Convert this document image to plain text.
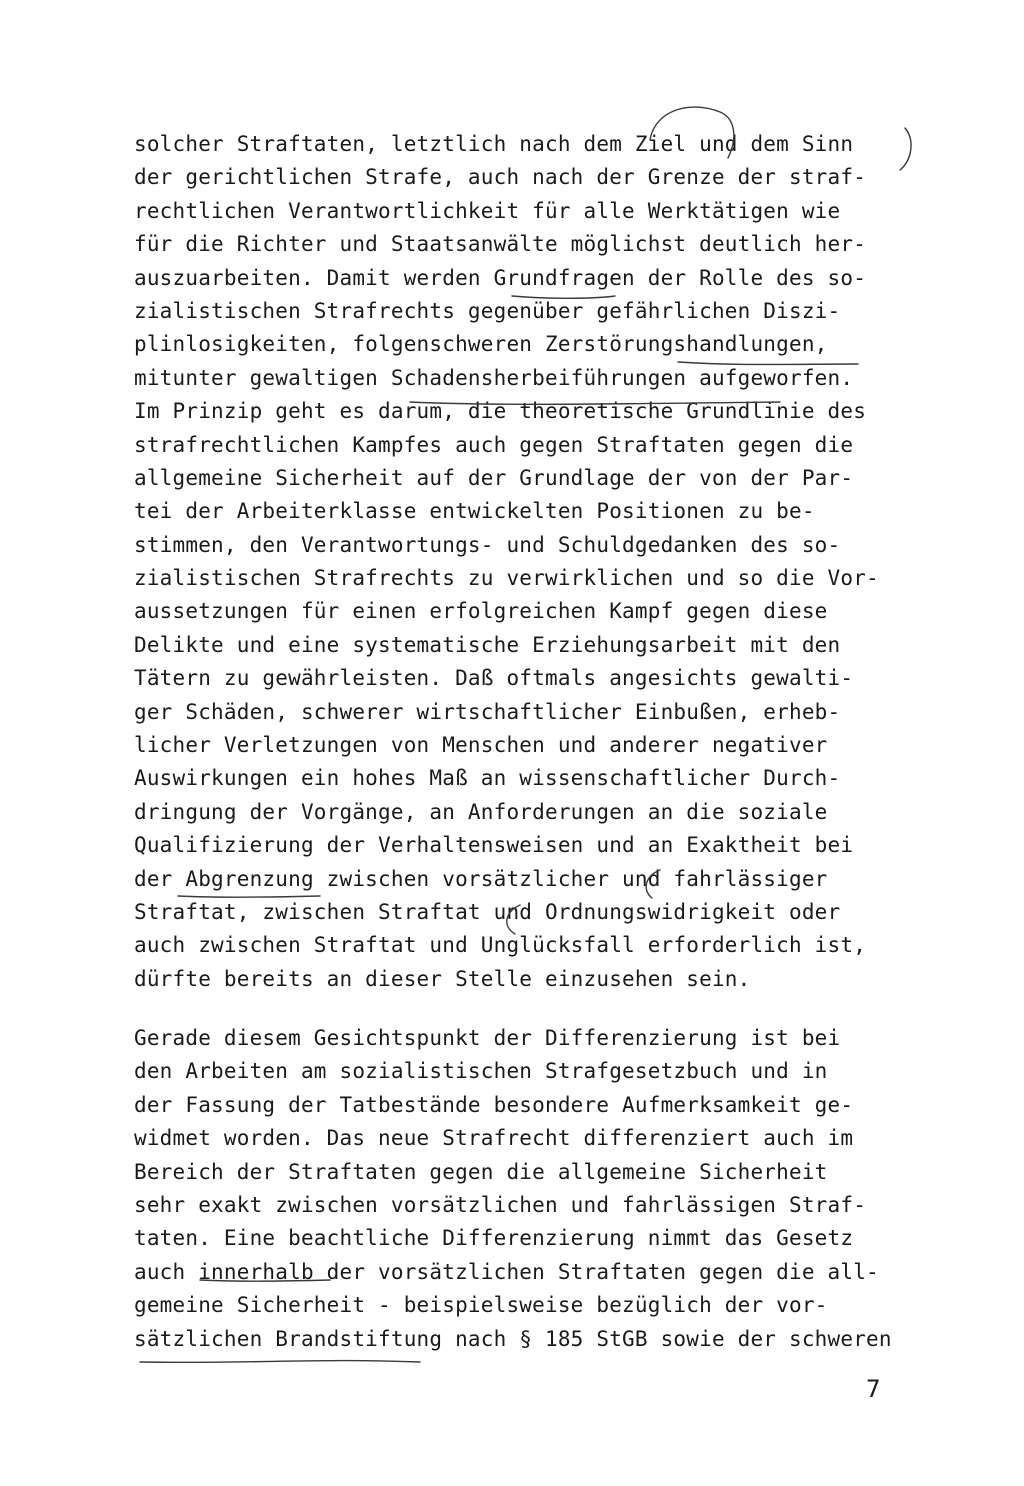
solcher Straftaten, letztlich nach dem Ziel und dem Sinn
der gerichtlichen Strafe, auch nach der Grenze der straf-
rechtlichen Verantwortlichkeit für alle Werktätigen wie
für die Richter und Staatsanwälte möglichst deutlich her-
auszuarbeiten. Damit werden Grundfragen der Rolle des so-
zialistischen Strafrechts gegenüber gefährlichen Diszi-
plinlosigkeiten, folgenschweren Zerstörungshandlungen,
mitunter gewaltigen Schadensherbeiführungen aufgeworfen.
Im Prinzip geht es darum, die theoretische Grundlinie des
strafrechtlichen Kampfes auch gegen Straftaten gegen die
allgemeine Sicherheit auf der Grundlage der von der Par-
tei der Arbeiterklasse entwickelten Positionen zu be-
stimmen, den Verantwortungs- und Schuldgedanken des so-
zialistischen Strafrechts zu verwirklichen und so die Vor-
aussetzungen für einen erfolgreichen Kampf gegen diese
Delikte und eine systematische Erziehungsarbeit mit den
Tätern zu gewährleisten. Daß oftmals angesichts gewalti-
ger Schäden, schwerer wirtschaftlicher Einbußen, erheb-
licher Verletzungen von Menschen und anderer negativer
Auswirkungen ein hohes Maß an wissenschaftlicher Durch-
dringung der Vorgänge, an Anforderungen an die soziale
Qualifizierung der Verhaltensweisen und an Exaktheit bei
der Abgrenzung zwischen vorsätzlicher und fahrlässiger
Straftat, zwischen Straftat und Ordnungswidrigkeit oder
auch zwischen Straftat und Unglücksfall erforderlich ist,
dürfte bereits an dieser Stelle einzusehen sein.
Gerade diesem Gesichtspunkt der Differenzierung ist bei
den Arbeiten am sozialistischen Strafgesetzbuch und in
der Fassung der Tatbestände besondere Aufmerksamkeit ge-
widmet worden. Das neue Strafrecht differenziert auch im
Bereich der Straftaten gegen die allgemeine Sicherheit
sehr exakt zwischen vorsätzlichen und fahrlässigen Straf-
taten. Eine beachtliche Differenzierung nimmt das Gesetz
auch innerhalb der vorsätzlichen Straftaten gegen die all-
gemeine Sicherheit - beispielsweise bezüglich der vor-
sätzlichen Brandstiftung nach § 185 StGB sowie der schweren
7
